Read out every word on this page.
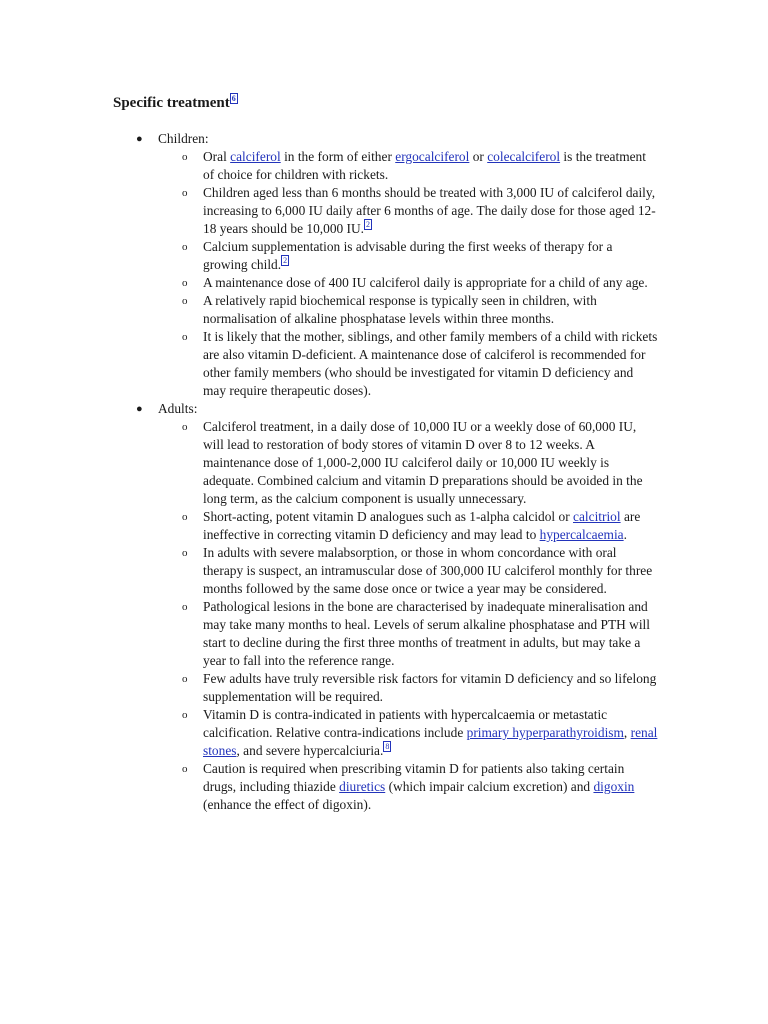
Specific treatment $^6$
● Children:
o Oral calciferol in the form of either ergocalciferol or colecalciferol is the treatment of choice for children with rickets.
o Children aged less than 6 months should be treated with 3,000 IU of calciferol daily, increasing to 6,000 IU daily after 6 months of age. The daily dose for those aged 12-18 years should be 10,000 IU. $^2$
o Calcium supplementation is advisable during the first weeks of therapy for a growing child. $^2$
o A maintenance dose of 400 IU calciferol daily is appropriate for a child of any age.
o A relatively rapid biochemical response is typically seen in children, with normalisation of alkaline phosphatase levels within three months.
o It is likely that the mother, siblings, and other family members of a child with rickets are also vitamin D-deficient. A maintenance dose of calciferol is recommended for other family members (who should be investigated for vitamin D deficiency and may require therapeutic doses).
● Adults:
o Calciferol treatment, in a daily dose of 10,000 IU or a weekly dose of 60,000 IU, will lead to restoration of body stores of vitamin D over 8 to 12 weeks. A maintenance dose of 1,000-2,000 IU calciferol daily or 10,000 IU weekly is adequate. Combined calcium and vitamin D preparations should be avoided in the long term, as the calcium component is usually unnecessary.
o Short-acting, potent vitamin D analogues such as 1-alpha calcidol or calcitriol are ineffective in correcting vitamin D deficiency and may lead to hypercalcaemia.
o In adults with severe malabsorption, or those in whom concordance with oral therapy is suspect, an intramuscular dose of 300,000 IU calciferol monthly for three months followed by the same dose once or twice a year may be considered.
o Pathological lesions in the bone are characterised by inadequate mineralisation and may take many months to heal. Levels of serum alkaline phosphatase and PTH will start to decline during the first three months of treatment in adults, but may take a year to fall into the reference range.
o Few adults have truly reversible risk factors for vitamin D deficiency and so lifelong supplementation will be required.
o Vitamin D is contra-indicated in patients with hypercalcaemia or metastatic calcification. Relative contra-indications include primary hyperparathyroidism, renal stones, and severe hypercalciuria. $^8$
o Caution is required when prescribing vitamin D for patients also taking certain drugs, including thiazide diuretics (which impair calcium excretion) and digoxin (enhance the effect of digoxin).
